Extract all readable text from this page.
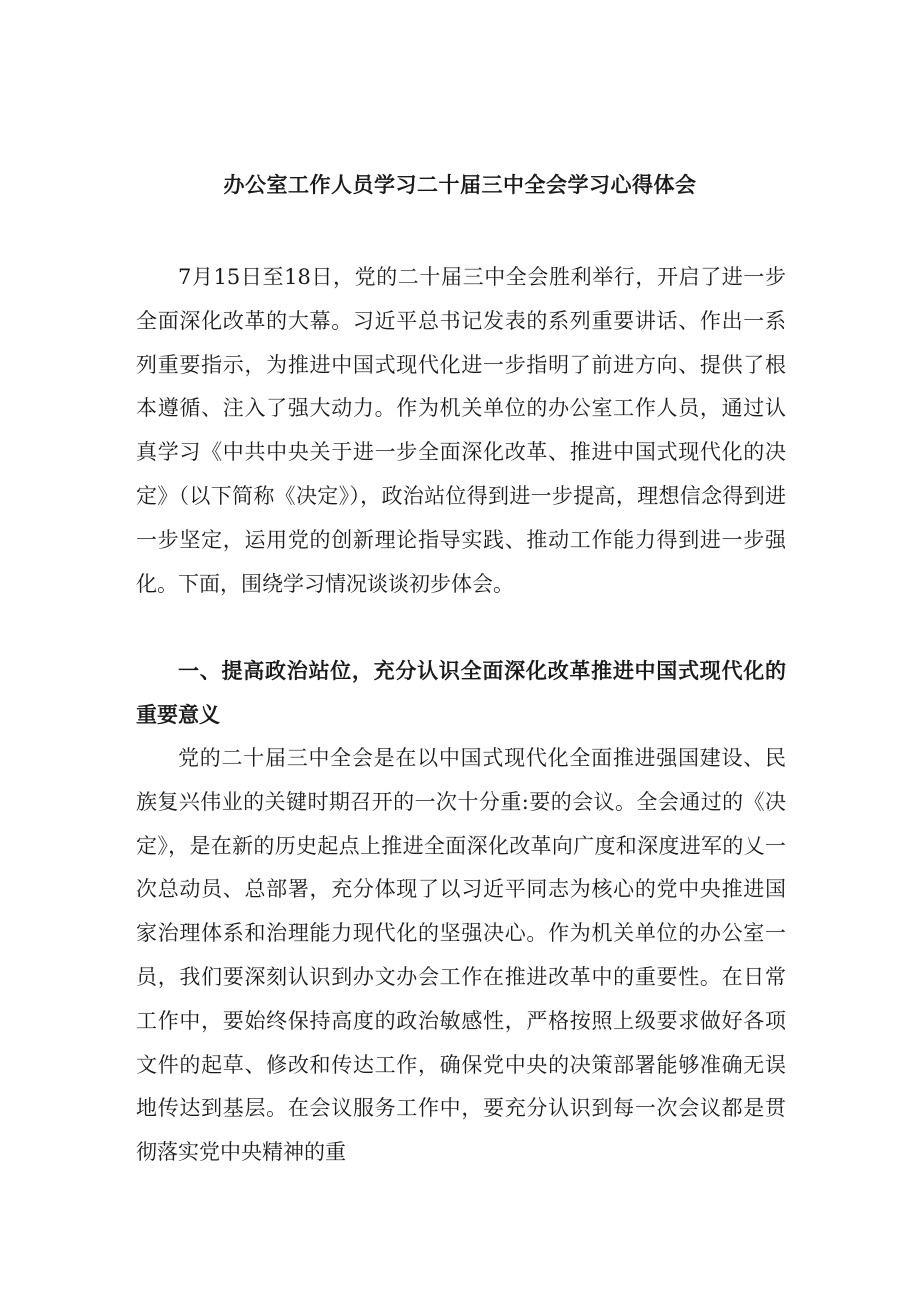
办公室工作人员学习二十届三中全会学习心得体会

7月15日至18日，党的二十届三中全会胜利举行，开启了进一步全面深化改革的大幕。习近平总书记发表的系列重要讲话、作出一系列重要指示，为推进中国式现代化进一步指明了前进方向、提供了根本遵循、注入了强大动力。作为机关单位的办公室工作人员，通过认真学习《中共中央关于进一步全面深化改革、推进中国式现代化的决定》（以下简称《决定》），政治站位得到进一步提高，理想信念得到进一步坚定，运用党的创新理论指导实践、推动工作能力得到进一步强化。下面，围绕学习情况谈谈初步体会。

一、提高政治站位，充分认识全面深化改革推进中国式现代化的重要意义

党的二十届三中全会是在以中国式现代化全面推进强国建设、民族复兴伟业的关键时期召开的一次十分重:要的会议。全会通过的《决定》，是在新的历史起点上推进全面深化改革向广度和深度进军的乂一次总动员、总部署，充分体现了以习近平同志为核心的党中央推进国家治理体系和治理能力现代化的坚强决心。作为机关单位的办公室一员，我们要深刻认识到办文办会工作在推进改革中的重要性。在日常工作中，要始终保持高度的政治敏感性，严格按照上级要求做好各项文件的起草、修改和传达工作，确保党中央的决策部署能够准确无误地传达到基层。在会议服务工作中，要充分认识到每一次会议都是贯彻落实党中央精神的重
